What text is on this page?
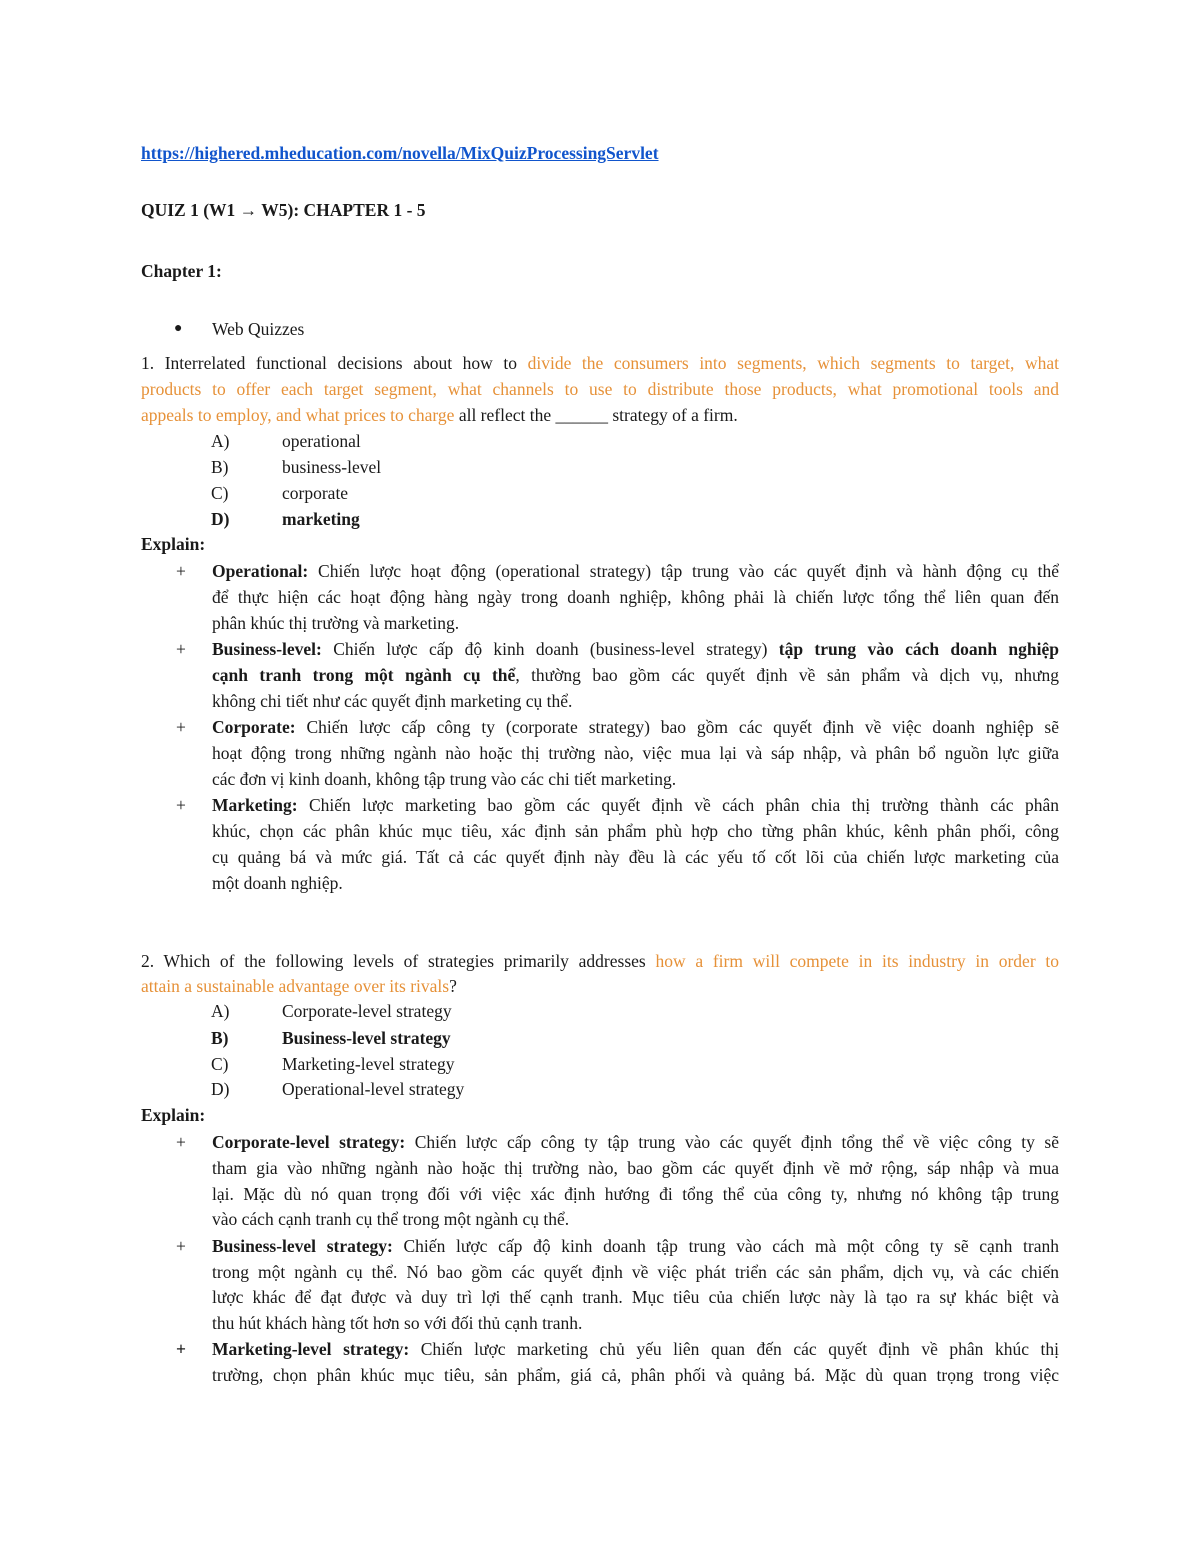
https://highered.mheducation.com/novella/MixQuizProcessingServlet
QUIZ 1 (W1 → W5): CHAPTER 1 - 5
Chapter 1:
● Web Quizzes
1. Interrelated functional decisions about how to divide the consumers into segments, which segments to target, what
products to offer each target segment, what channels to use to distribute those products, what promotional tools and
appeals to employ, and what prices to charge all reflect the ______ strategy of a firm.
A)	operational
B)	business-level
C)	corporate
D)	marketing
Explain:
+ Operational: Chiến lược hoạt động (operational strategy) tập trung vào các quyết định và hành động cụ thể
để thực hiện các hoạt động hàng ngày trong doanh nghiệp, không phải là chiến lược tổng thể liên quan đến
phân khúc thị trường và marketing.
+ Business-level: Chiến lược cấp độ kinh doanh (business-level strategy) tập trung vào cách doanh nghiệp
cạnh tranh trong một ngành cụ thể, thường bao gồm các quyết định về sản phẩm và dịch vụ, nhưng
không chi tiết như các quyết định marketing cụ thể.
+ Corporate: Chiến lược cấp công ty (corporate strategy) bao gồm các quyết định về việc doanh nghiệp sẽ
hoạt động trong những ngành nào hoặc thị trường nào, việc mua lại và sáp nhập, và phân bổ nguồn lực giữa
các đơn vị kinh doanh, không tập trung vào các chi tiết marketing.
+ Marketing: Chiến lược marketing bao gồm các quyết định về cách phân chia thị trường thành các phân
khúc, chọn các phân khúc mục tiêu, xác định sản phẩm phù hợp cho từng phân khúc, kênh phân phối, công
cụ quảng bá và mức giá. Tất cả các quyết định này đều là các yếu tố cốt lõi của chiến lược marketing của
một doanh nghiệp.
2. Which of the following levels of strategies primarily addresses how a firm will compete in its industry in order to
attain a sustainable advantage over its rivals?
A)	Corporate-level strategy
B)	Business-level strategy
C)	Marketing-level strategy
D)	Operational-level strategy
Explain:
+ Corporate-level strategy: Chiến lược cấp công ty tập trung vào các quyết định tổng thể về việc công ty sẽ
tham gia vào những ngành nào hoặc thị trường nào, bao gồm các quyết định về mở rộng, sáp nhập và mua
lại. Mặc dù nó quan trọng đối với việc xác định hướng đi tổng thể của công ty, nhưng nó không tập trung
vào cách cạnh tranh cụ thể trong một ngành cụ thể.
+ Business-level strategy: Chiến lược cấp độ kinh doanh tập trung vào cách mà một công ty sẽ cạnh tranh
trong một ngành cụ thể. Nó bao gồm các quyết định về việc phát triển các sản phẩm, dịch vụ, và các chiến
lược khác để đạt được và duy trì lợi thế cạnh tranh. Mục tiêu của chiến lược này là tạo ra sự khác biệt và
thu hút khách hàng tốt hơn so với đối thủ cạnh tranh.
+ Marketing-level strategy: Chiến lược marketing chủ yếu liên quan đến các quyết định về phân khúc thị
trường, chọn phân khúc mục tiêu, sản phẩm, giá cả, phân phối và quảng bá. Mặc dù quan trọng trong việc
